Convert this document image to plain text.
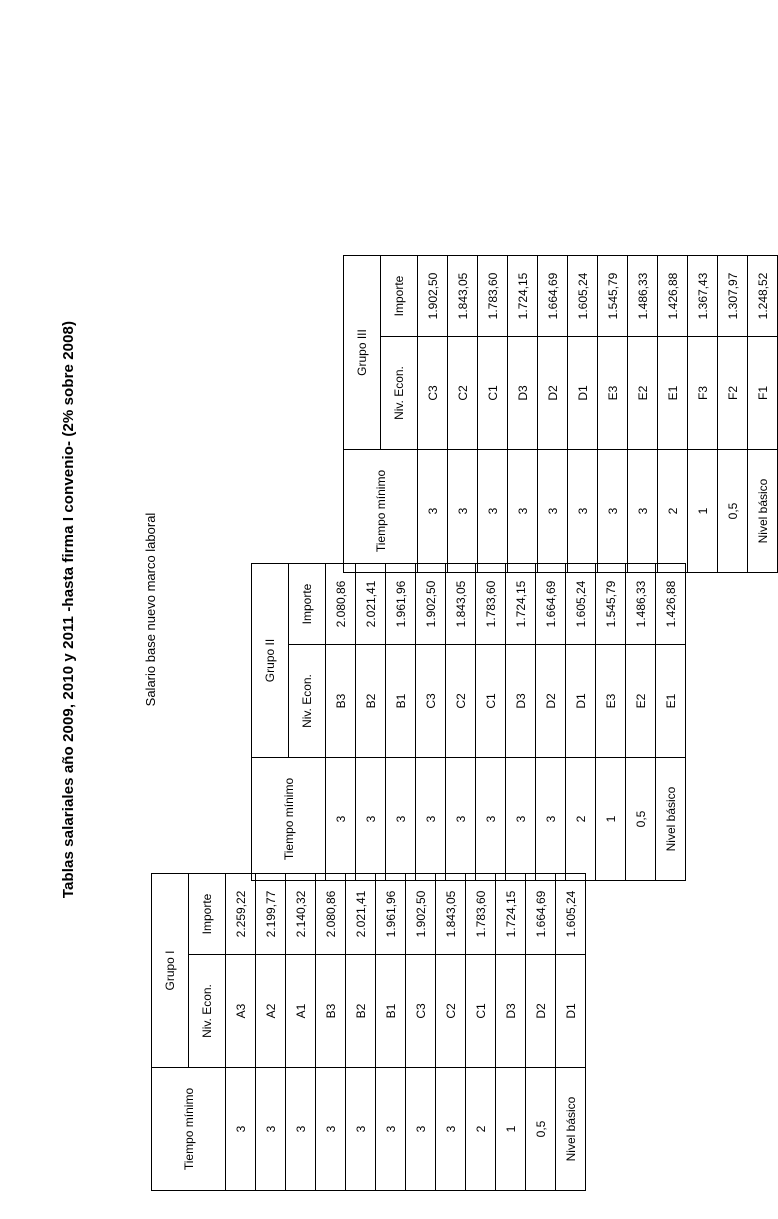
Tablas salariales año 2009, 2010 y 2011 -hasta firma I convenio- (2% sobre 2008)	Salario base nuevo marco laboral
Tiempo mínimo	Grupo I	
	Niv. Econ.	Importe
3	A3	2.259,22
3	A2	2.199,77
3	A1	2.140,32
3	B3	2.080,86
3	B2	2.021,41
3	B1	1.961,96
3	C3	1.902,50
3	C2	1.843,05
2	C1	1.783,60
1	D3	1.724,15
0,5	D2	1.664,69
Nivel básico	D1	1.605,24
Tiempo mínimo	Grupo II	
	Niv. Econ.	Importe
3	B3	2.080,86
3	B2	2.021,41
3	B1	1.961,96
3	C3	1.902,50
3	C2	1.843,05
3	C1	1.783,60
3	D3	1.724,15
3	D2	1.664,69
2	D1	1.605,24
1	E3	1.545,79
0,5	E2	1.486,33
Nivel básico	E1	1.426,88
Tiempo mínimo	Grupo III	
	Niv. Econ.	Importe
3	C3	1.902,50
3	C2	1.843,05
3	C1	1.783,60
3	D3	1.724,15
3	D2	1.664,69
3	D1	1.605,24
3	E3	1.545,79
3	E2	1.486,33
2	E1	1.426,88
1	F3	1.367,43
0,5	F2	1.307,97
Nivel básico	F1	1.248,52
